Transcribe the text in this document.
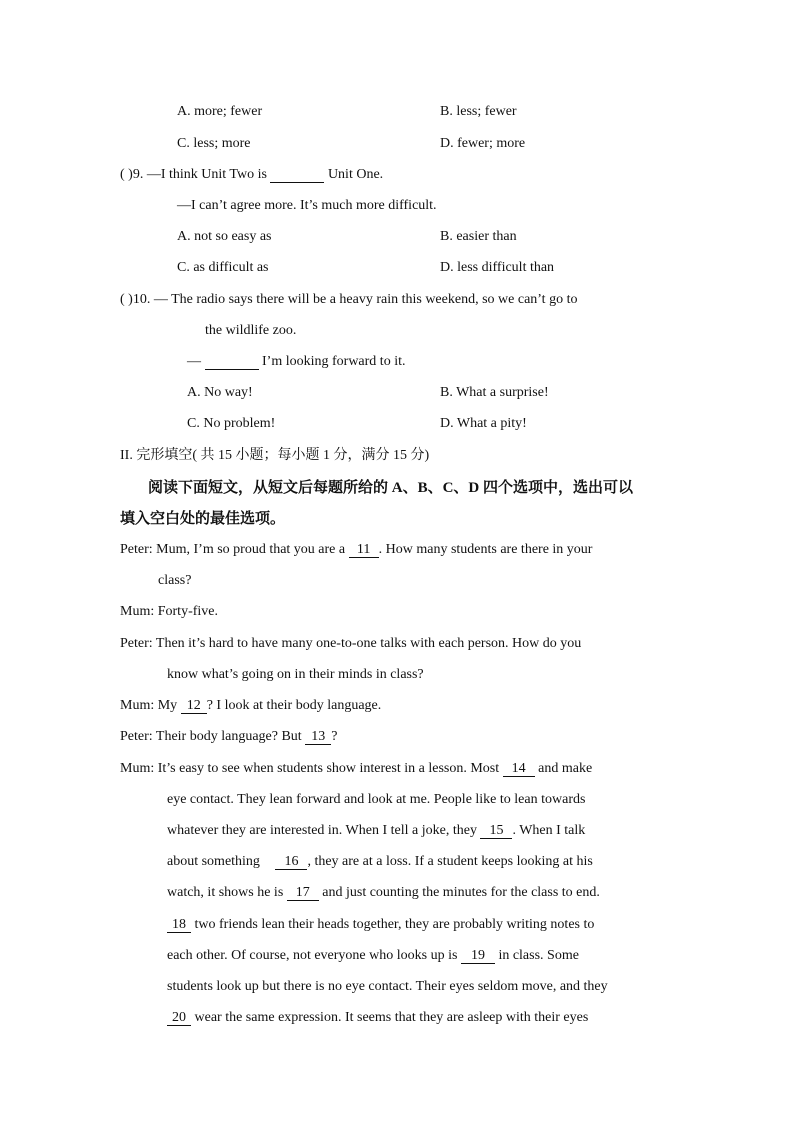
A. more; fewer	B. less; fewer
C. less; more	D. fewer; more
( )9. —I think Unit Two is	Unit One.
—I can’t agree more. It’s much more difficult.
A. not so easy as	B. easier than
C. as difficult as	D. less difficult than
( )10. — The radio says there will be a heavy rain this weekend, so we can’t go to
the wildlife zoo.
—	I’m looking forward to it.
A. No way!	B. What a surprise!
C. No problem!	D. What a pity!
II. 完形填空( 共 15 小题；每小题 1 分，满分 15 分)
阅读下面短文，从短文后每题所给的 A、B、C、D 四个选项中，选出可以
填入空白处的最佳选项。
Peter: Mum, I’m so proud that you are a 11 . How many students are there in your
class?
Mum: Forty-five.
Peter: Then it’s hard to have many one-to-one talks with each person. How do you
know what’s going on in their minds in class?
Mum: My 12 ? I look at their body language.
Peter: Their body language? But 13 ?
Mum: It’s easy to see when students show interest in a lesson. Most 14 and make
eye contact. They lean forward and look at me. People like to lean towards
whatever they are interested in. When I tell a joke, they 15 . When I talk
about something 16 , they are at a loss. If a student keeps looking at his
watch, it shows he is 17 and just counting the minutes for the class to end.
18 two friends lean their heads together, they are probably writing notes to
each other. Of course, not everyone who looks up is 19 in class. Some
students look up but there is no eye contact. Their eyes seldom move, and they
20 wear the same expression. It seems that they are asleep with their eyes
